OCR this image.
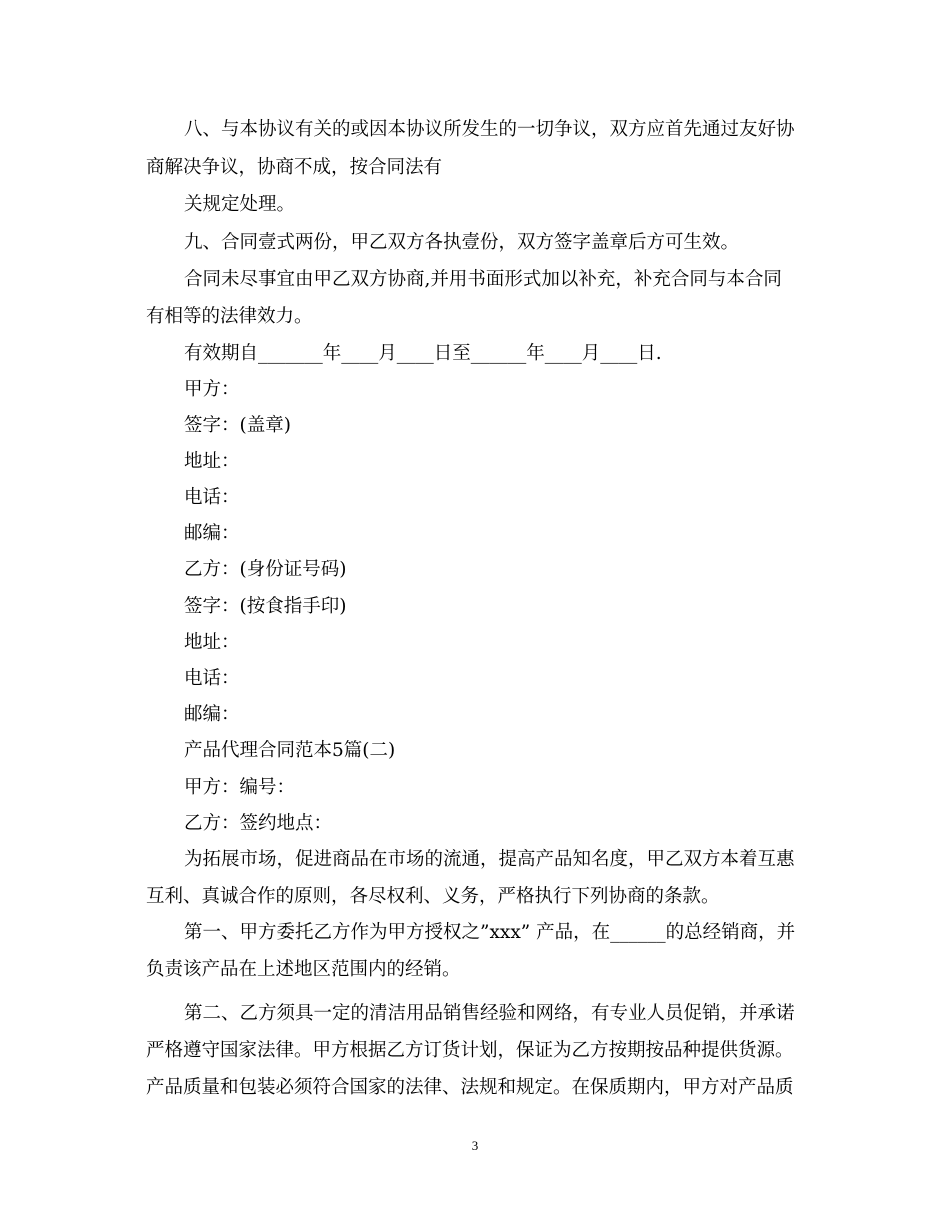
八、与本协议有关的或因本协议所发生的一切争议，双方应首先通过友好协
商解决争议，协商不成，按合同法有
关规定处理。
九、合同壹式两份，甲乙双方各执壹份，双方签字盖章后方可生效。
合同未尽事宜由甲乙双方协商,并用书面形式加以补充，补充合同与本合同
有相等的法律效力。
有效期自_______年____月____日至______年____月____日.
甲方：
签字：(盖章)
地址：
电话：
邮编：
乙方：(身份证号码)
签字：(按食指手印)
地址：
电话：
邮编：
产品代理合同范本5篇(二)
甲方：编号：
乙方：签约地点：
为拓展市场，促进商品在市场的流通，提高产品知名度，甲乙双方本着互惠
互利、真诚合作的原则，各尽权利、义务，严格执行下列协商的条款。
第一、甲方委托乙方作为甲方授权之”xxx” 产品，在______的总经销商，并
负责该产品在上述地区范围内的经销。
第二、乙方须具一定的清洁用品销售经验和网络，有专业人员促销，并承诺
严格遵守国家法律。甲方根据乙方订货计划，保证为乙方按期按品种提供货源。
产品质量和包装必须符合国家的法律、法规和规定。在保质期内，甲方对产品质
3
